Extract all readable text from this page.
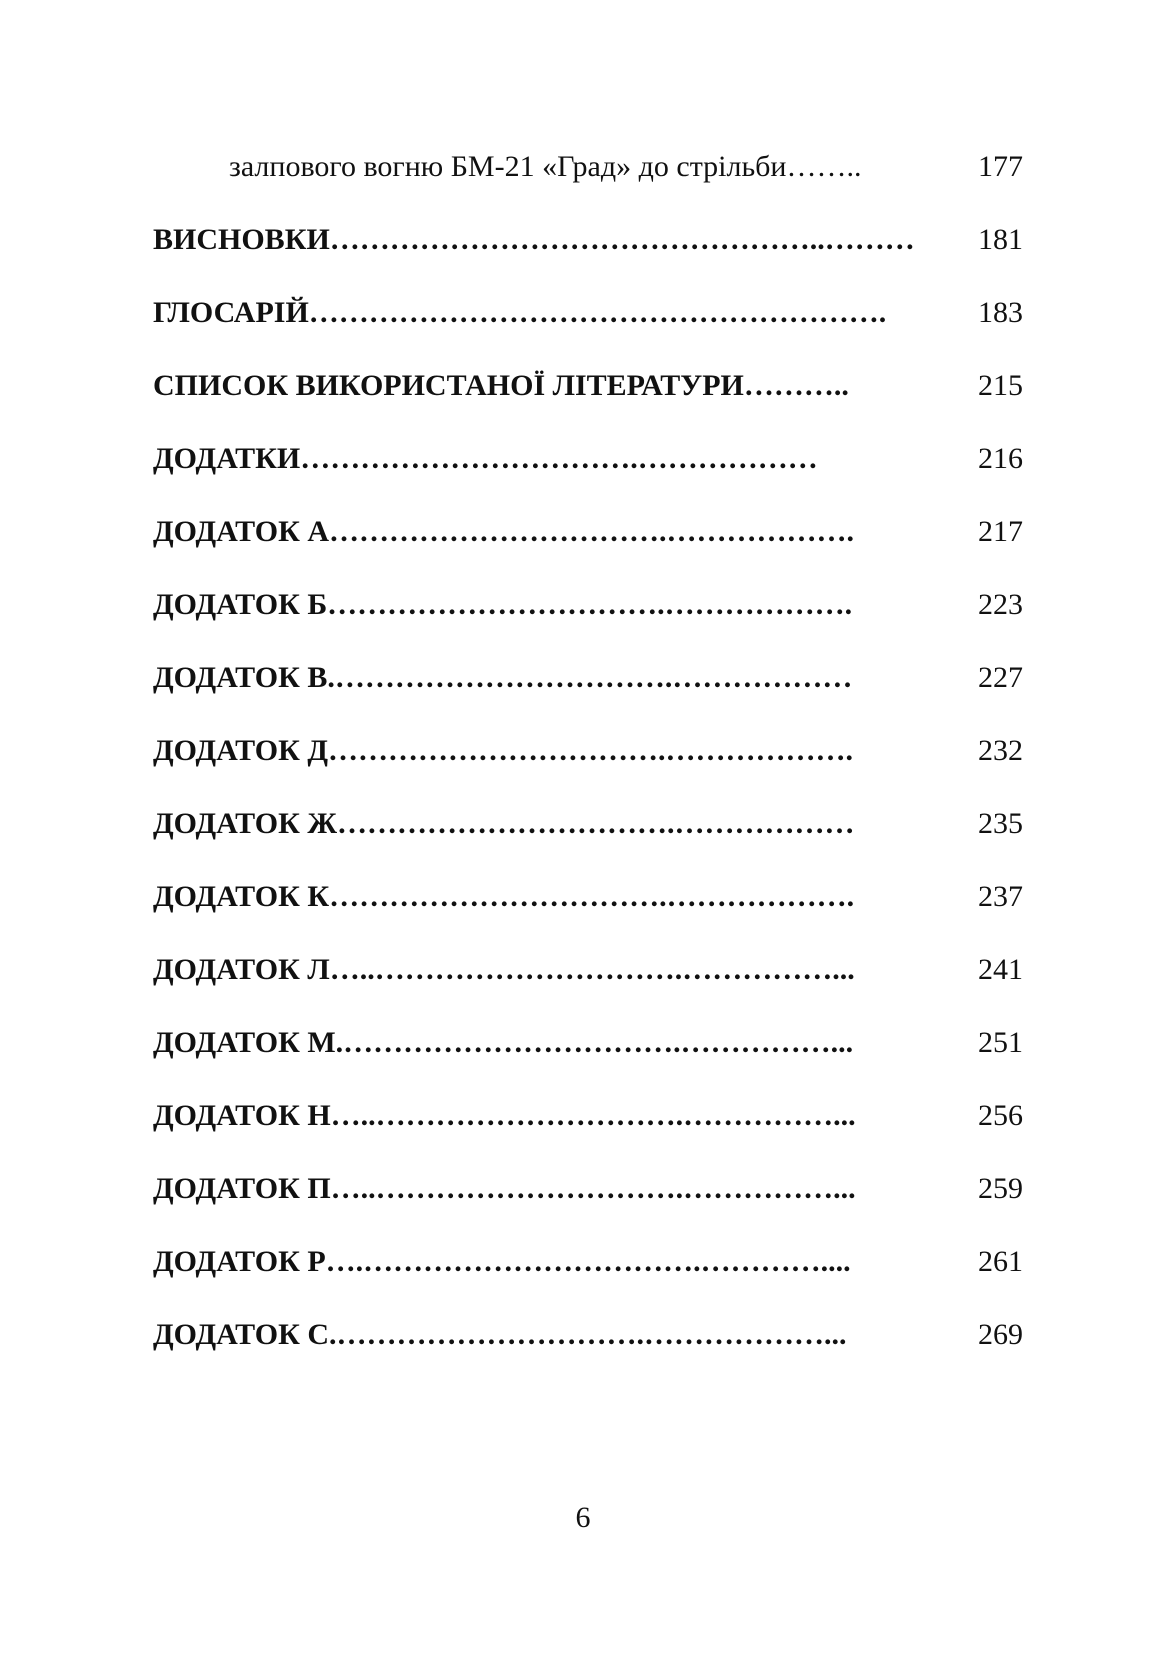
залпового вогню БМ-21 «Град» до стрільби……..	177
ВИСНОВКИ…………………………………………..……… 181
ГЛОСАРІЙ………………………………………………….	183
СПИСОК ВИКОРИСТАНОЇ ЛІТЕРАТУРИ………..	215
ДОДАТКИ…………………………….………………	216
ДОДАТОК А…………………………….……………….	217
ДОДАТОК Б…………………………….……………….	223
ДОДАТОК В.…………………………….………………	227
ДОДАТОК Д…………………………….……………….	232
ДОДАТОК Ж…………………………….………………	235
ДОДАТОК К…………………………….……………….	237
ДОДАТОК Л…..………………………….……………...	241
ДОДАТОК М.…………………………….……………...	251
ДОДАТОК Н…..………………………….……………...	256
ДОДАТОК П…..………………………….……………...	259
ДОДАТОК Р….…………………………….…………....	261
ДОДАТОК С.………………………….………………...	269
6
